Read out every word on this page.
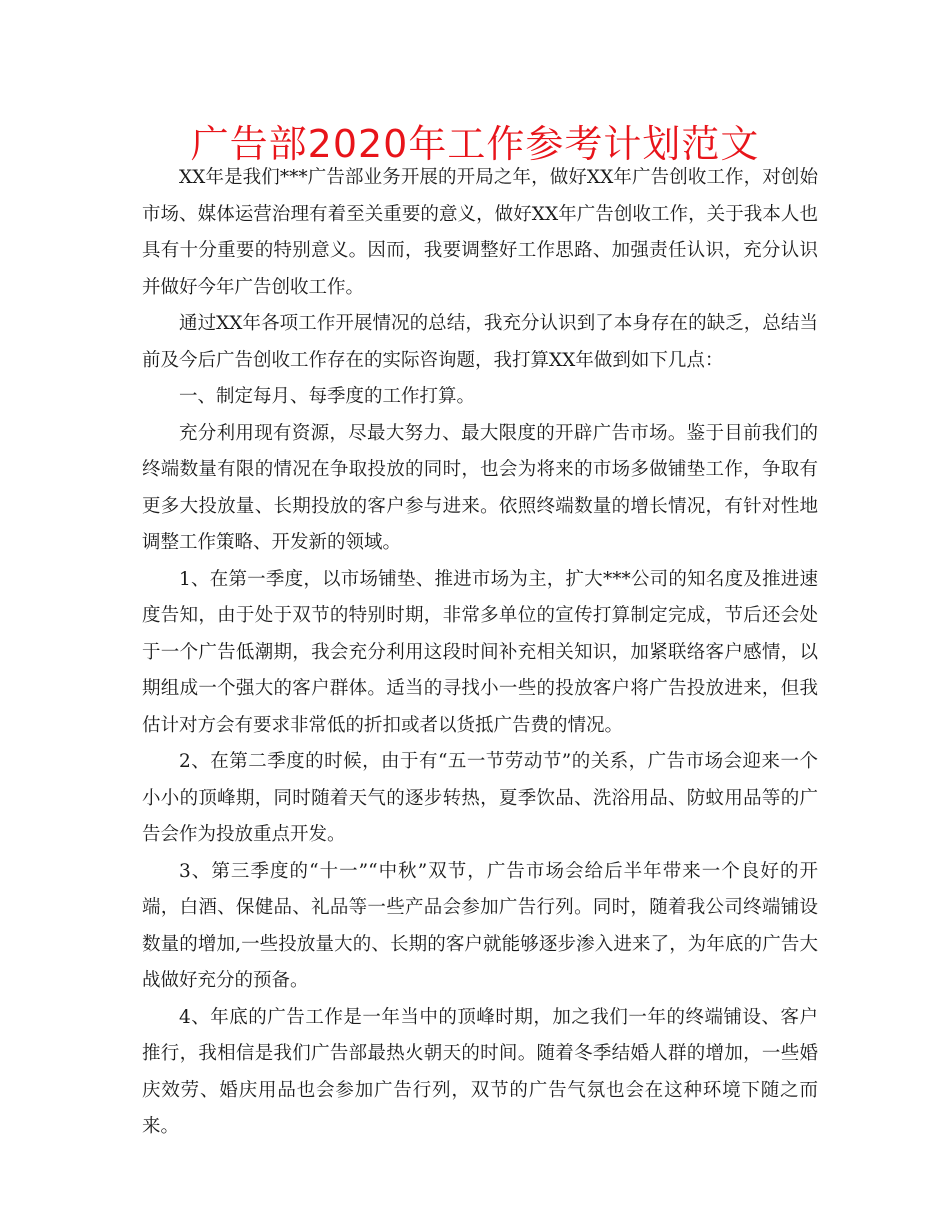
广告部2020年工作参考计划范文

XX年是我们***广告部业务开展的开局之年，做好XX年广告创收工作，对创始市场、媒体运营治理有着至关重要的意义，做好XX年广告创收工作，关于我本人也具有十分重要的特别意义。因而，我要调整好工作思路、加强责任认识，充分认识并做好今年广告创收工作。

通过XX年各项工作开展情况的总结，我充分认识到了本身存在的缺乏，总结当前及今后广告创收工作存在的实际咨询题，我打算XX年做到如下几点：

一、制定每月、每季度的工作打算。

充分利用现有资源，尽最大努力、最大限度的开辟广告市场。鉴于目前我们的终端数量有限的情况在争取投放的同时，也会为将来的市场多做铺垫工作，争取有更多大投放量、长期投放的客户参与进来。依照终端数量的增长情况，有针对性地调整工作策略、开发新的领域。

1、在第一季度，以市场铺垫、推进市场为主，扩大***公司的知名度及推进速度告知，由于处于双节的特别时期，非常多单位的宣传打算制定完成，节后还会处于一个广告低潮期，我会充分利用这段时间补充相关知识，加紧联络客户感情，以期组成一个强大的客户群体。适当的寻找小一些的投放客户将广告投放进来，但我估计对方会有要求非常低的折扣或者以货抵广告费的情况。

2、在第二季度的时候，由于有“五一节劳动节”的关系，广告市场会迎来一个小小的顶峰期，同时随着天气的逐步转热，夏季饮品、洗浴用品、防蚊用品等的广告会作为投放重点开发。

3、第三季度的“十一”“中秋”双节，广告市场会给后半年带来一个良好的开端，白酒、保健品、礼品等一些产品会参加广告行列。同时，随着我公司终端铺设数量的增加,一些投放量大的、长期的客户就能够逐步渗入进来了，为年底的广告大战做好充分的预备。

4、年底的广告工作是一年当中的顶峰时期，加之我们一年的终端铺设、客户推行，我相信是我们广告部最热火朝天的时间。随着冬季结婚人群的增加，一些婚庆效劳、婚庆用品也会参加广告行列，双节的广告气氛也会在这种环境下随之而来。
